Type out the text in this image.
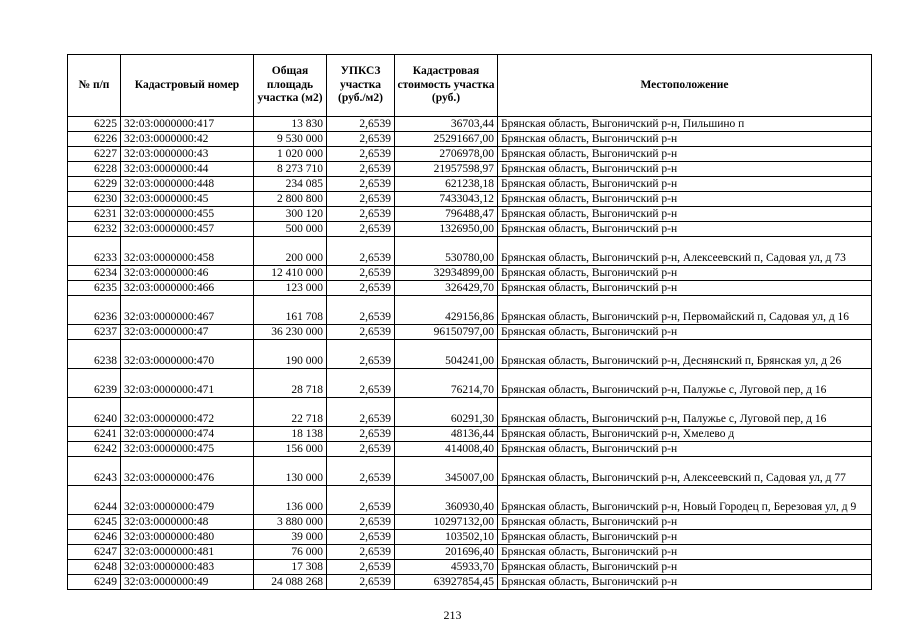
№ п/п	Кадастровый номер	Общая площадь участка (м2)	УПКСЗ участка (руб./м2)	Кадастровая стоимость участка (руб.)	Местоположение
6225	32:03:0000000:417	13 830	2,6539	36703,44	Брянская область, Выгоничский р-н, Пильшино п
6226	32:03:0000000:42	9 530 000	2,6539	25291667,00	Брянская область, Выгоничский р-н
6227	32:03:0000000:43	1 020 000	2,6539	2706978,00	Брянская область, Выгоничский р-н
6228	32:03:0000000:44	8 273 710	2,6539	21957598,97	Брянская область, Выгоничский р-н
6229	32:03:0000000:448	234 085	2,6539	621238,18	Брянская область, Выгоничский р-н
6230	32:03:0000000:45	2 800 800	2,6539	7433043,12	Брянская область, Выгоничский р-н
6231	32:03:0000000:455	300 120	2,6539	796488,47	Брянская область, Выгоничский р-н
6232	32:03:0000000:457	500 000	2,6539	1326950,00	Брянская область, Выгоничский р-н
6233	32:03:0000000:458	200 000	2,6539	530780,00	Брянская область, Выгоничский р-н, Алексеевский п, Садовая ул, д 73
6234	32:03:0000000:46	12 410 000	2,6539	32934899,00	Брянская область, Выгоничский р-н
6235	32:03:0000000:466	123 000	2,6539	326429,70	Брянская область, Выгоничский р-н
6236	32:03:0000000:467	161 708	2,6539	429156,86	Брянская область, Выгоничский р-н, Первомайский п, Садовая ул, д 16
6237	32:03:0000000:47	36 230 000	2,6539	96150797,00	Брянская область, Выгоничский р-н
6238	32:03:0000000:470	190 000	2,6539	504241,00	Брянская область, Выгоничский р-н, Деснянский п, Брянская ул, д 26
6239	32:03:0000000:471	28 718	2,6539	76214,70	Брянская область, Выгоничский р-н, Палужье с, Луговой пер, д 16
6240	32:03:0000000:472	22 718	2,6539	60291,30	Брянская область, Выгоничский р-н, Палужье с, Луговой пер, д 16
6241	32:03:0000000:474	18 138	2,6539	48136,44	Брянская область, Выгоничский р-н, Хмелево д
6242	32:03:0000000:475	156 000	2,6539	414008,40	Брянская область, Выгоничский р-н
6243	32:03:0000000:476	130 000	2,6539	345007,00	Брянская область, Выгоничский р-н, Алексеевский п, Садовая ул, д 77
6244	32:03:0000000:479	136 000	2,6539	360930,40	Брянская область, Выгоничский р-н, Новый Городец п, Березовая ул, д 9
6245	32:03:0000000:48	3 880 000	2,6539	10297132,00	Брянская область, Выгоничский р-н
6246	32:03:0000000:480	39 000	2,6539	103502,10	Брянская область, Выгоничский р-н
6247	32:03:0000000:481	76 000	2,6539	201696,40	Брянская область, Выгоничский р-н
6248	32:03:0000000:483	17 308	2,6539	45933,70	Брянская область, Выгоничский р-н
6249	32:03:0000000:49	24 088 268	2,6539	63927854,45	Брянская область, Выгоничский р-н
213
